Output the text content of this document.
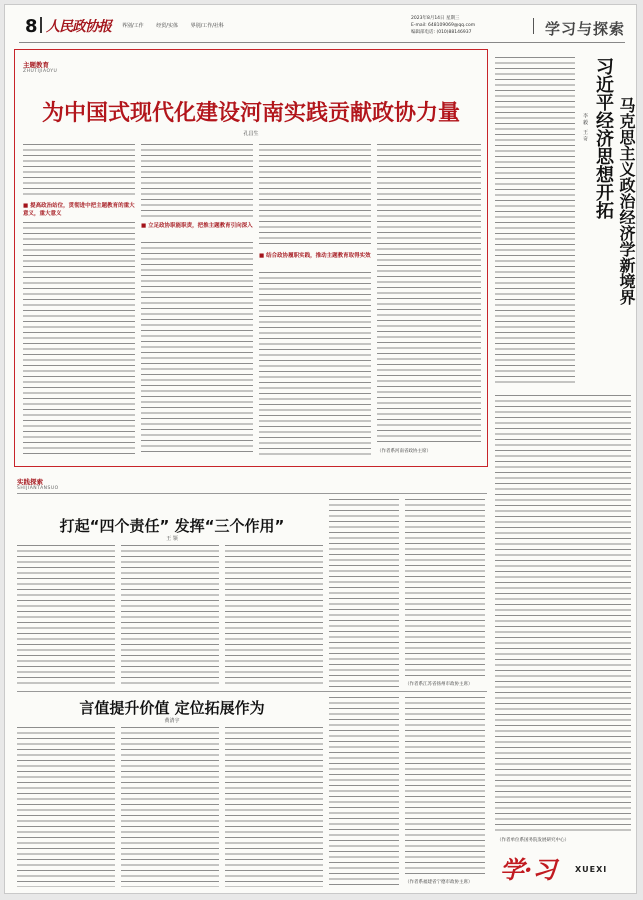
8 人民政协报 界别/工作	经贸/实体	界别/工作/社科
2023年8月14日 星期三
E-mail: 648109069@qq.com
编辑部电话: (010)88146937	学习与探索
主题教育
ZHUTIJIAOYU
为中国式现代化建设河南实践贡献政协力量
孔昌生
■ 提高政治站位，贯彻进中把主题教育的重大意义，重大意义
■ 立足政协职能职责，把推主题教育引向深入
■ 结合政协履职实践，推动主题教育取得实效
（作者系河南省政协主席）
习近平经济思想开拓 马克思主义政治经济学新境界
李 毅　王 奇
（作者单位系国务院发展研究中心）
实践探索
SHIJIANTANSUO
打起“四个责任” 发挥“三个作用”
王 领
（作者系江苏省扬州市政协主席）
言值提升价值 定位拓展作为
黄清宇
（作者系福建省宁德市政协主席） 学·习 XUEXI
